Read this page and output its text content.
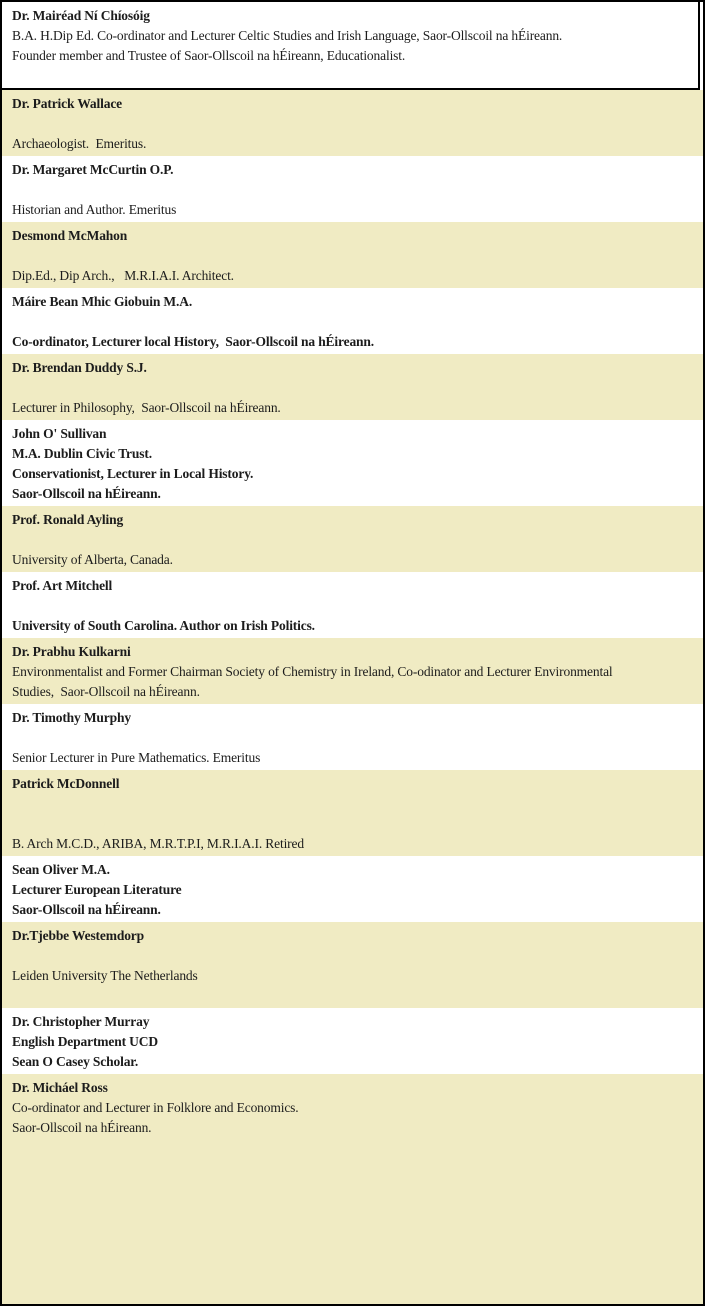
Dr. Mairéad Ní Chíosóig
B.A. H.Dip Ed. Co-ordinator and Lecturer Celtic Studies and Irish Language, Saor-Ollscoil na hÉireann.
Founder member and Trustee of Saor-Ollscoil na hÉireann, Educationalist.
Dr. Patrick Wallace
Archaeologist.  Emeritus.
Dr. Margaret McCurtin O.P.
Historian and Author. Emeritus
Desmond McMahon
Dip.Ed., Dip Arch.,   M.R.I.A.I. Architect.
Máire Bean Mhic Giobuin M.A.
Co-ordinator, Lecturer local History,  Saor-Ollscoil na hÉireann.
Dr. Brendan Duddy S.J.
Lecturer in Philosophy,  Saor-Ollscoil na hÉireann.
John O' Sullivan
M.A. Dublin Civic Trust.
Conservationist, Lecturer in Local History.
Saor-Ollscoil na hÉireann.
Prof. Ronald Ayling
University of Alberta, Canada.
Prof. Art Mitchell
University of South Carolina. Author on Irish Politics.
Dr. Prabhu Kulkarni
Environmentalist and Former Chairman Society of Chemistry in Ireland, Co-odinator and Lecturer Environmental
Studies,  Saor-Ollscoil na hÉireann.
Dr. Timothy Murphy
Senior Lecturer in Pure Mathematics. Emeritus
Patrick McDonnell
B. Arch M.C.D., ARIBA, M.R.T.P.I, M.R.I.A.I. Retired
Sean Oliver M.A.
Lecturer European Literature
Saor-Ollscoil na hÉireann.
Dr.Tjebbe Westemdorp
Leiden University The Netherlands
Dr. Christopher Murray
English Department UCD
Sean O Casey Scholar.
Dr. Micháel Ross
Co-ordinator and Lecturer in Folklore and Economics.
Saor-Ollscoil na hÉireann.
